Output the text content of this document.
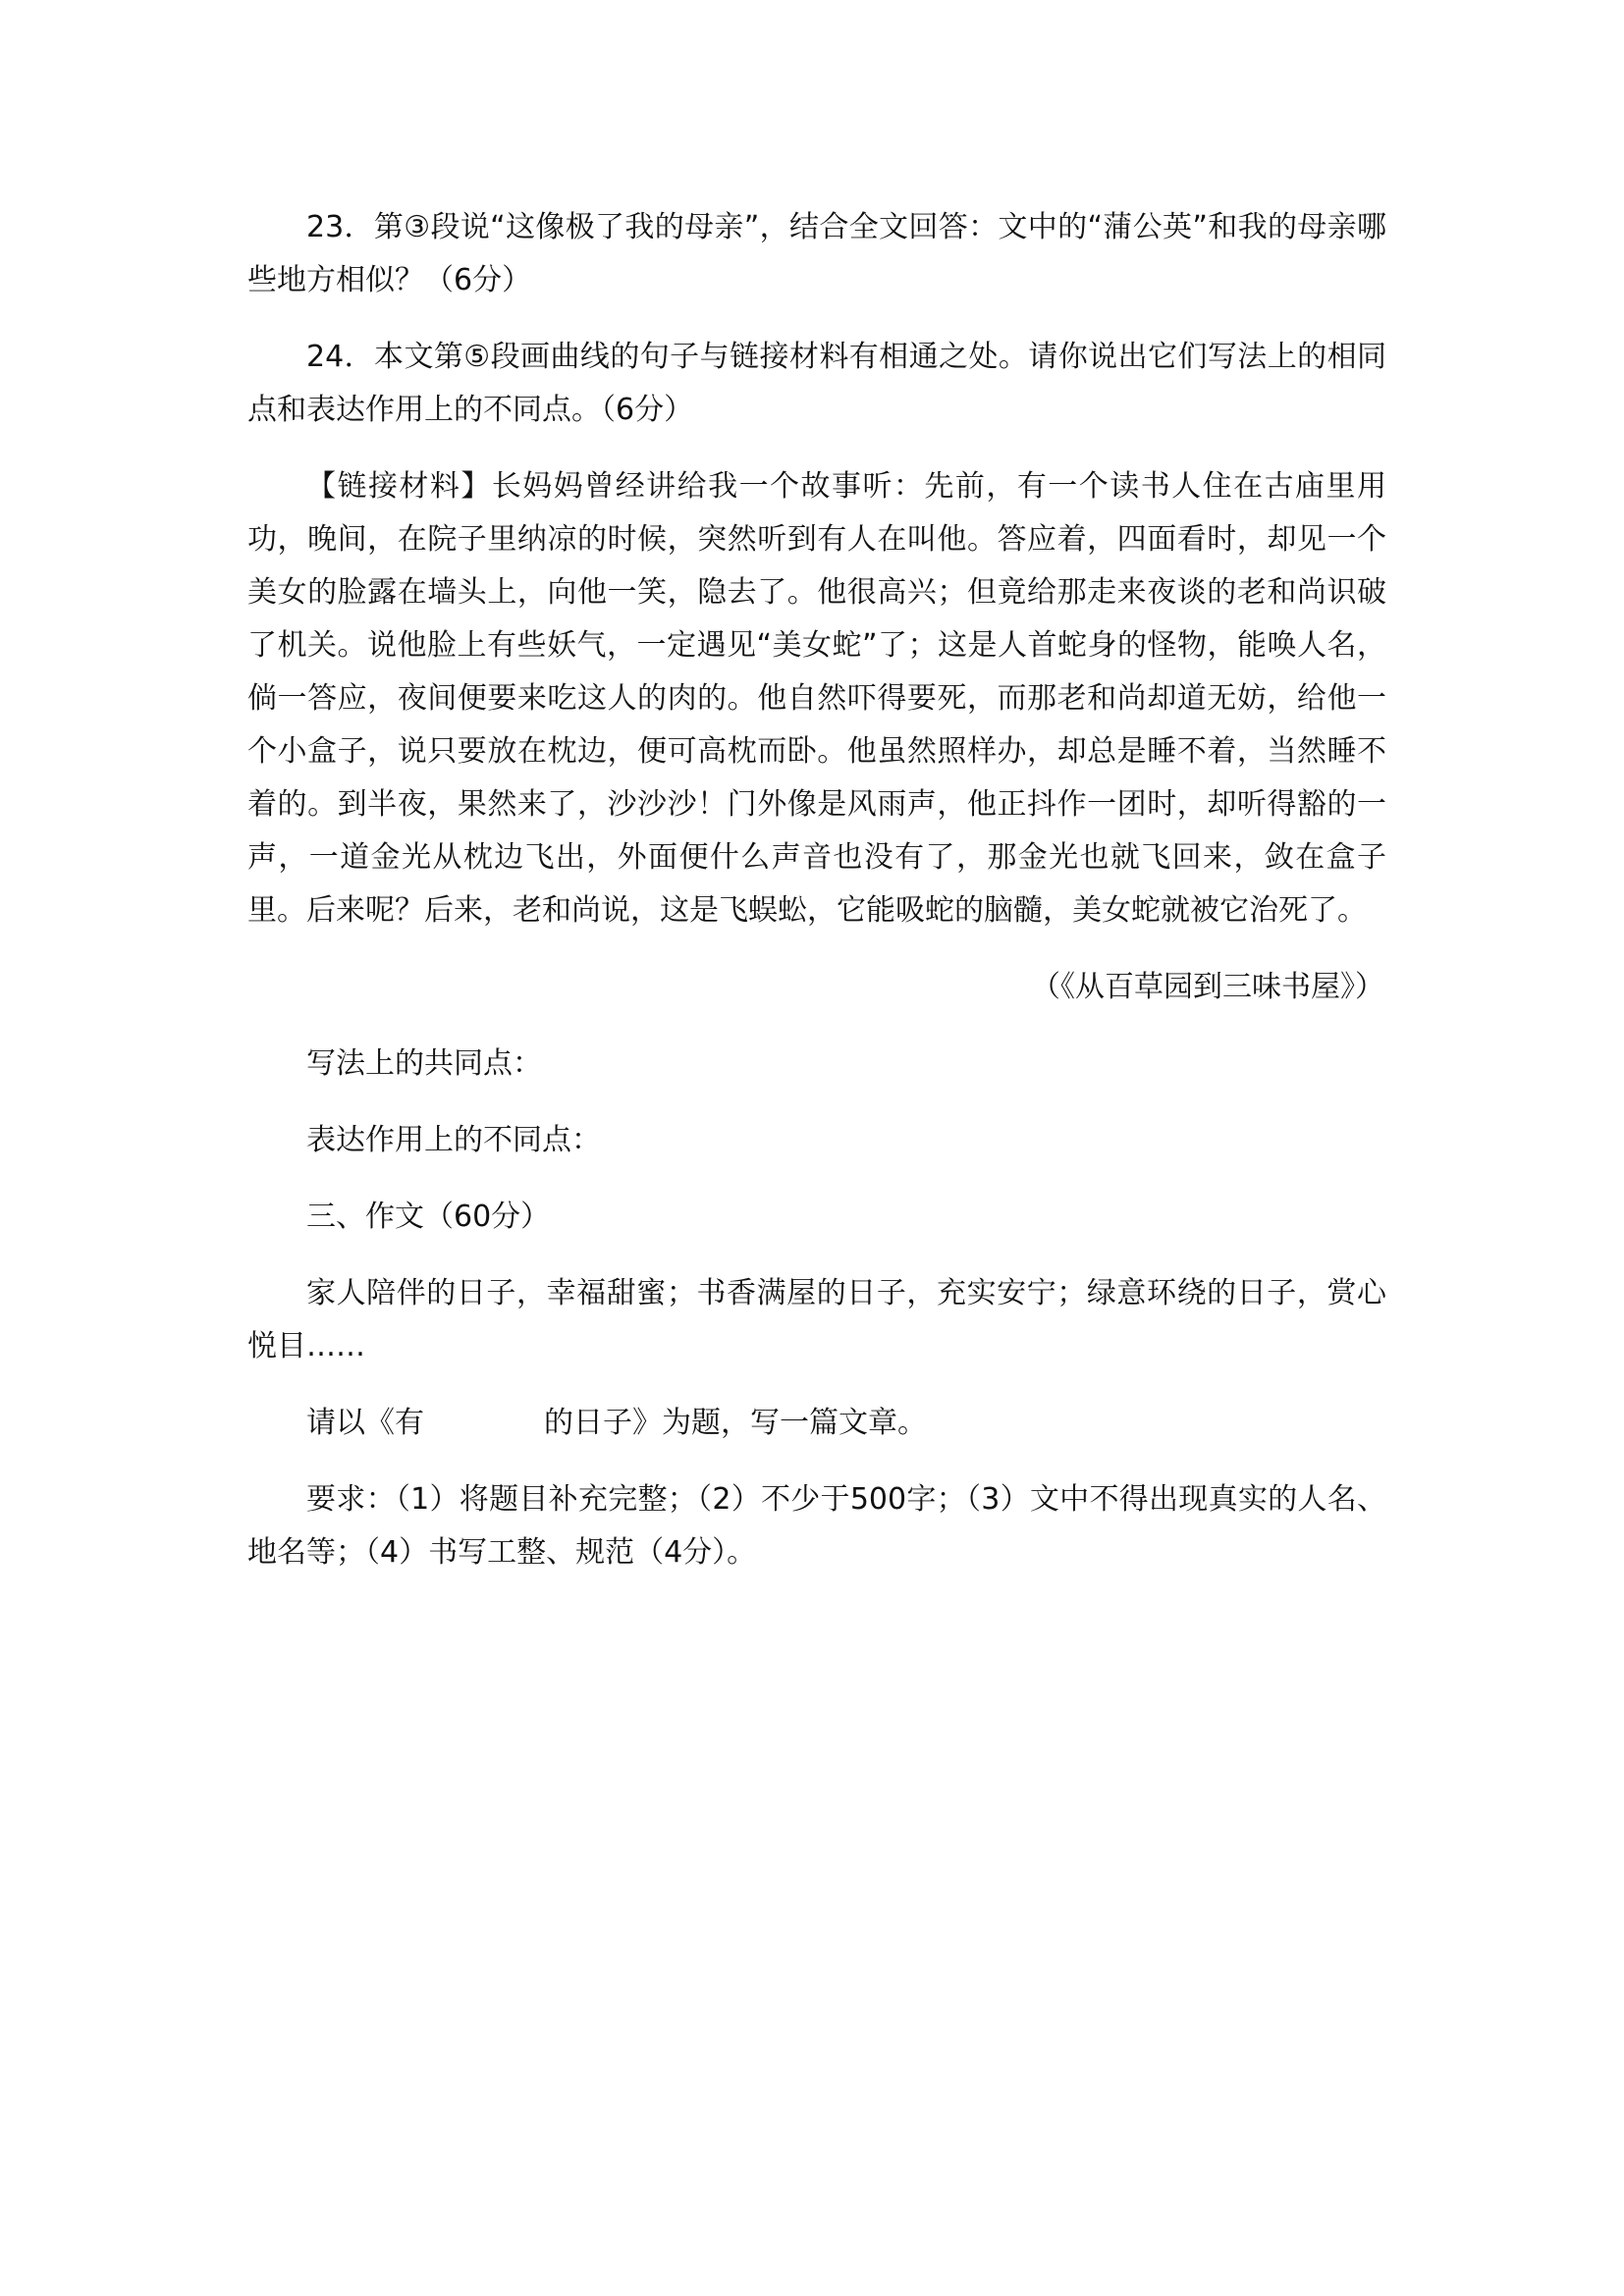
23．第③段说“这像极了我的母亲”，结合全文回答：文中的“蒲公英”和我的母亲哪些地方相似？（6分）

24．本文第⑤段画曲线的句子与链接材料有相通之处。请你说出它们写法上的相同点和表达作用上的不同点。（6分）

【链接材料】长妈妈曾经讲给我一个故事听：先前，有一个读书人住在古庙里用功，晚间，在院子里纳凉的时候，突然听到有人在叫他。答应着，四面看时，却见一个美女的脸露在墙头上，向他一笑，隐去了。他很高兴；但竟给那走来夜谈的老和尚识破了机关。说他脸上有些妖气，一定遇见“美女蛇”了；这是人首蛇身的怪物，能唤人名，倘一答应，夜间便要来吃这人的肉的。他自然吓得要死，而那老和尚却道无妨，给他一个小盒子，说只要放在枕边，便可高枕而卧。他虽然照样办，却总是睡不着，当然睡不着的。到半夜，果然来了，沙沙沙！门外像是风雨声，他正抖作一团时，却听得豁的一声，一道金光从枕边飞出，外面便什么声音也没有了，那金光也就飞回来，敛在盒子里。后来呢？后来，老和尚说，这是飞蜈蚣，它能吸蛇的脑髓，美女蛇就被它治死了。

（《从百草园到三味书屋》）

写法上的共同点：

表达作用上的不同点：

三、作文（60分）

家人陪伴的日子，幸福甜蜜；书香满屋的日子，充实安宁；绿意环绕的日子，赏心悦目……

请以《有	的日子》为题，写一篇文章。

要求：（1）将题目补充完整；（2）不少于500字；（3）文中不得出现真实的人名、地名等；（4）书写工整、规范（4分）。
